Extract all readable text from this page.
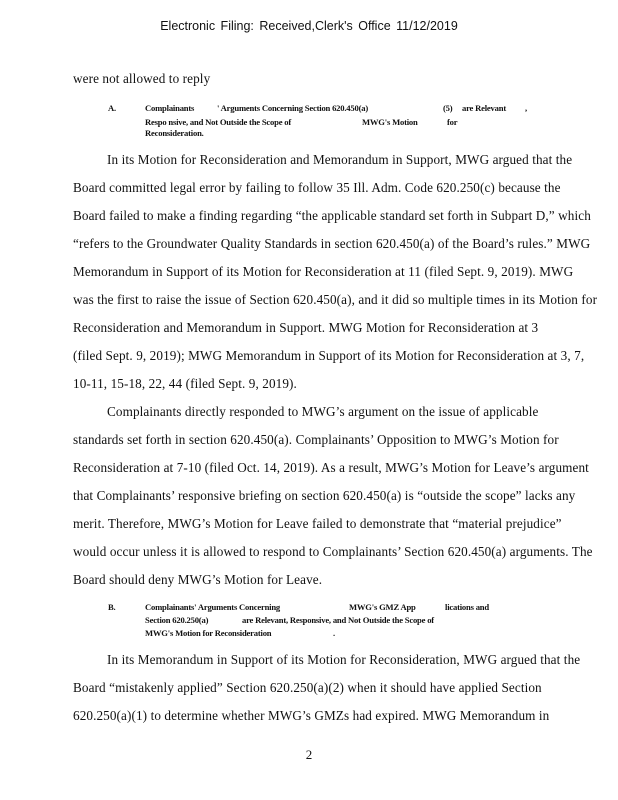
Electronic Filing: Received,Clerk's Office 11/12/2019
were not allowed to reply
A.	Complainants	' Arguments Concerning Section 620.450(a)	(5) are Relevant ,
Respo nsive, and Not Outside the Scope of	MWG's Motion	for
Reconsideration.
In its Motion for Reconsideration and Memorandum in Support, MWG argued that the
Board committed legal error by failing to follow 35 Ill. Adm. Code 620.250(c) because the
Board failed to make a finding regarding “the applicable standard set forth in Subpart D,” which
“refers to the Groundwater Quality Standards in section 620.450(a) of the Board’s rules.” MWG
Memorandum in Support of its Motion for Reconsideration at 11 (filed Sept. 9, 2019). MWG
was the first to raise the issue of Section 620.450(a), and it did so multiple times in its Motion for
Reconsideration and Memorandum in Support. MWG Motion for Reconsideration at 3
(filed Sept. 9, 2019); MWG Memorandum in Support of its Motion for Reconsideration at 3, 7,
10-11, 15-18, 22, 44 (filed Sept. 9, 2019).
Complainants directly responded to MWG’s argument on the issue of applicable
standards set forth in section 620.450(a). Complainants’ Opposition to MWG’s Motion for
Reconsideration at 7-10 (filed Oct. 14, 2019). As a result, MWG’s Motion for Leave’s argument
that Complainants’ responsive briefing on section 620.450(a) is “outside the scope” lacks any
merit. Therefore, MWG’s Motion for Leave failed to demonstrate that “material prejudice”
would occur unless it is allowed to respond to Complainants’ Section 620.450(a) arguments. The
Board should deny MWG’s Motion for Leave.
B.	Complainants' Arguments Concerning	MWG's GMZ App	lications and
Section 620.250(a)	are Relevant, Responsive, and Not Outside the Scope of
MWG's Motion for Reconsideration	.
In its Memorandum in Support of its Motion for Reconsideration, MWG argued that the
Board “mistakenly applied” Section 620.250(a)(2) when it should have applied Section
620.250(a)(1) to determine whether MWG’s GMZs had expired. MWG Memorandum in
2
